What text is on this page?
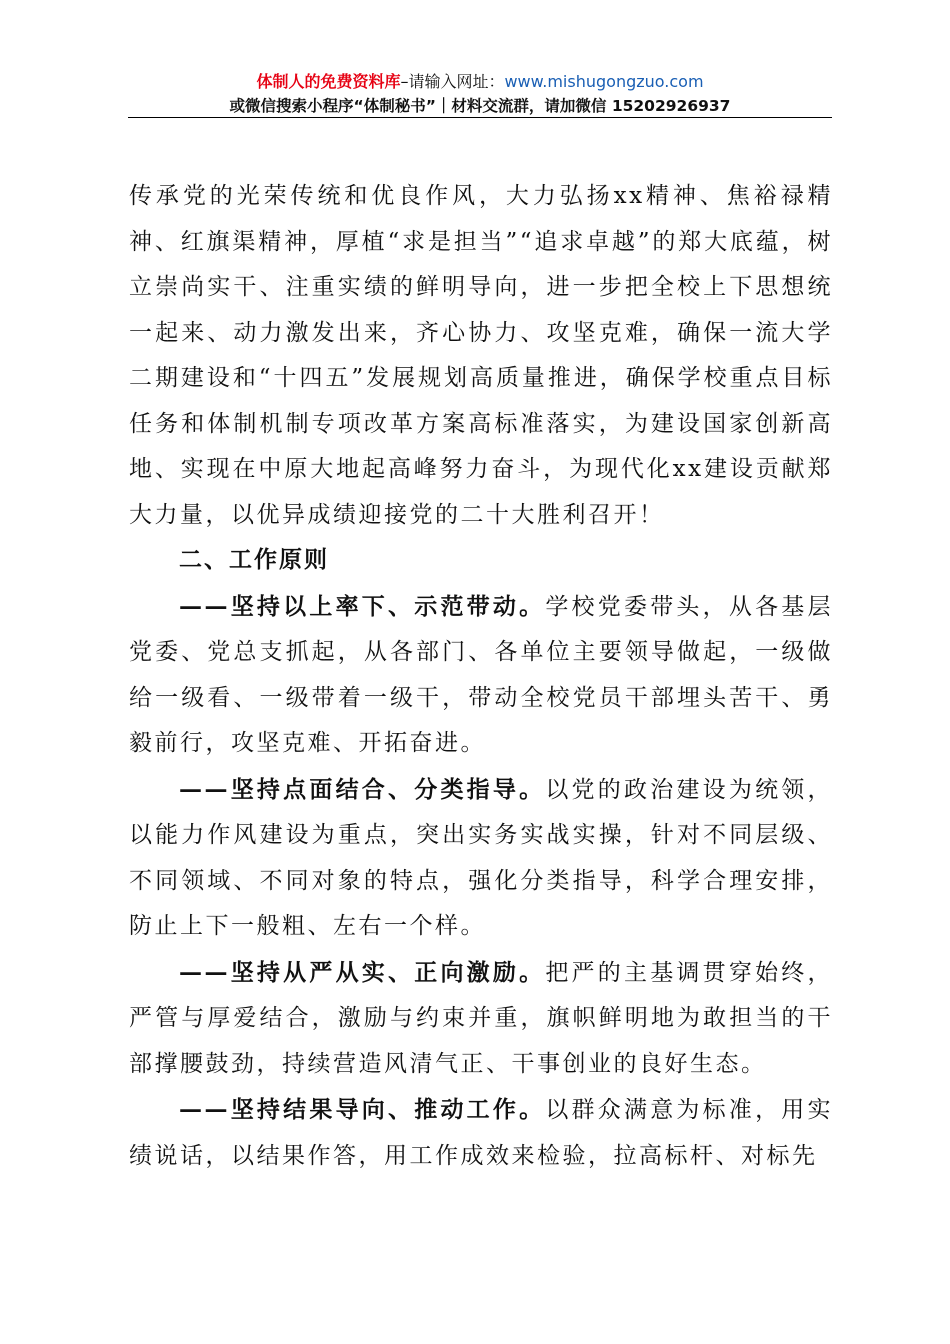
体制人的免费资料库–请输入网址：www.mishugongzuo.com
或微信搜索小程序“体制秘书”｜材料交流群，请加微信 15202926937

传承党的光荣传统和优良作风，大力弘扬xx精神、焦裕禄精神、红旗渠精神，厚植“求是担当”“追求卓越”的郑大底蕴，树立崇尚实干、注重实绩的鲜明导向，进一步把全校上下思想统一起来、动力激发出来，齐心协力、攻坚克难，确保一流大学二期建设和“十四五”发展规划高质量推进，确保学校重点目标任务和体制机制专项改革方案高标准落实，为建设国家创新高地、实现在中原大地起高峰努力奋斗，为现代化xx建设贡献郑大力量，以优异成绩迎接党的二十大胜利召开！

二、工作原则

——坚持以上率下、示范带动。学校党委带头，从各基层党委、党总支抓起，从各部门、各单位主要领导做起，一级做给一级看、一级带着一级干，带动全校党员干部埋头苦干、勇毅前行，攻坚克难、开拓奋进。

——坚持点面结合、分类指导。以党的政治建设为统领，以能力作风建设为重点，突出实务实战实操，针对不同层级、不同领域、不同对象的特点，强化分类指导，科学合理安排，防止上下一般粗、左右一个样。

——坚持从严从实、正向激励。把严的主基调贯穿始终，严管与厚爱结合，激励与约束并重，旗帜鲜明地为敢担当的干部撑腰鼓劲，持续营造风清气正、干事创业的良好生态。

——坚持结果导向、推动工作。以群众满意为标准，用实绩说话，以结果作答，用工作成效来检验，拉高标杆、对标先
